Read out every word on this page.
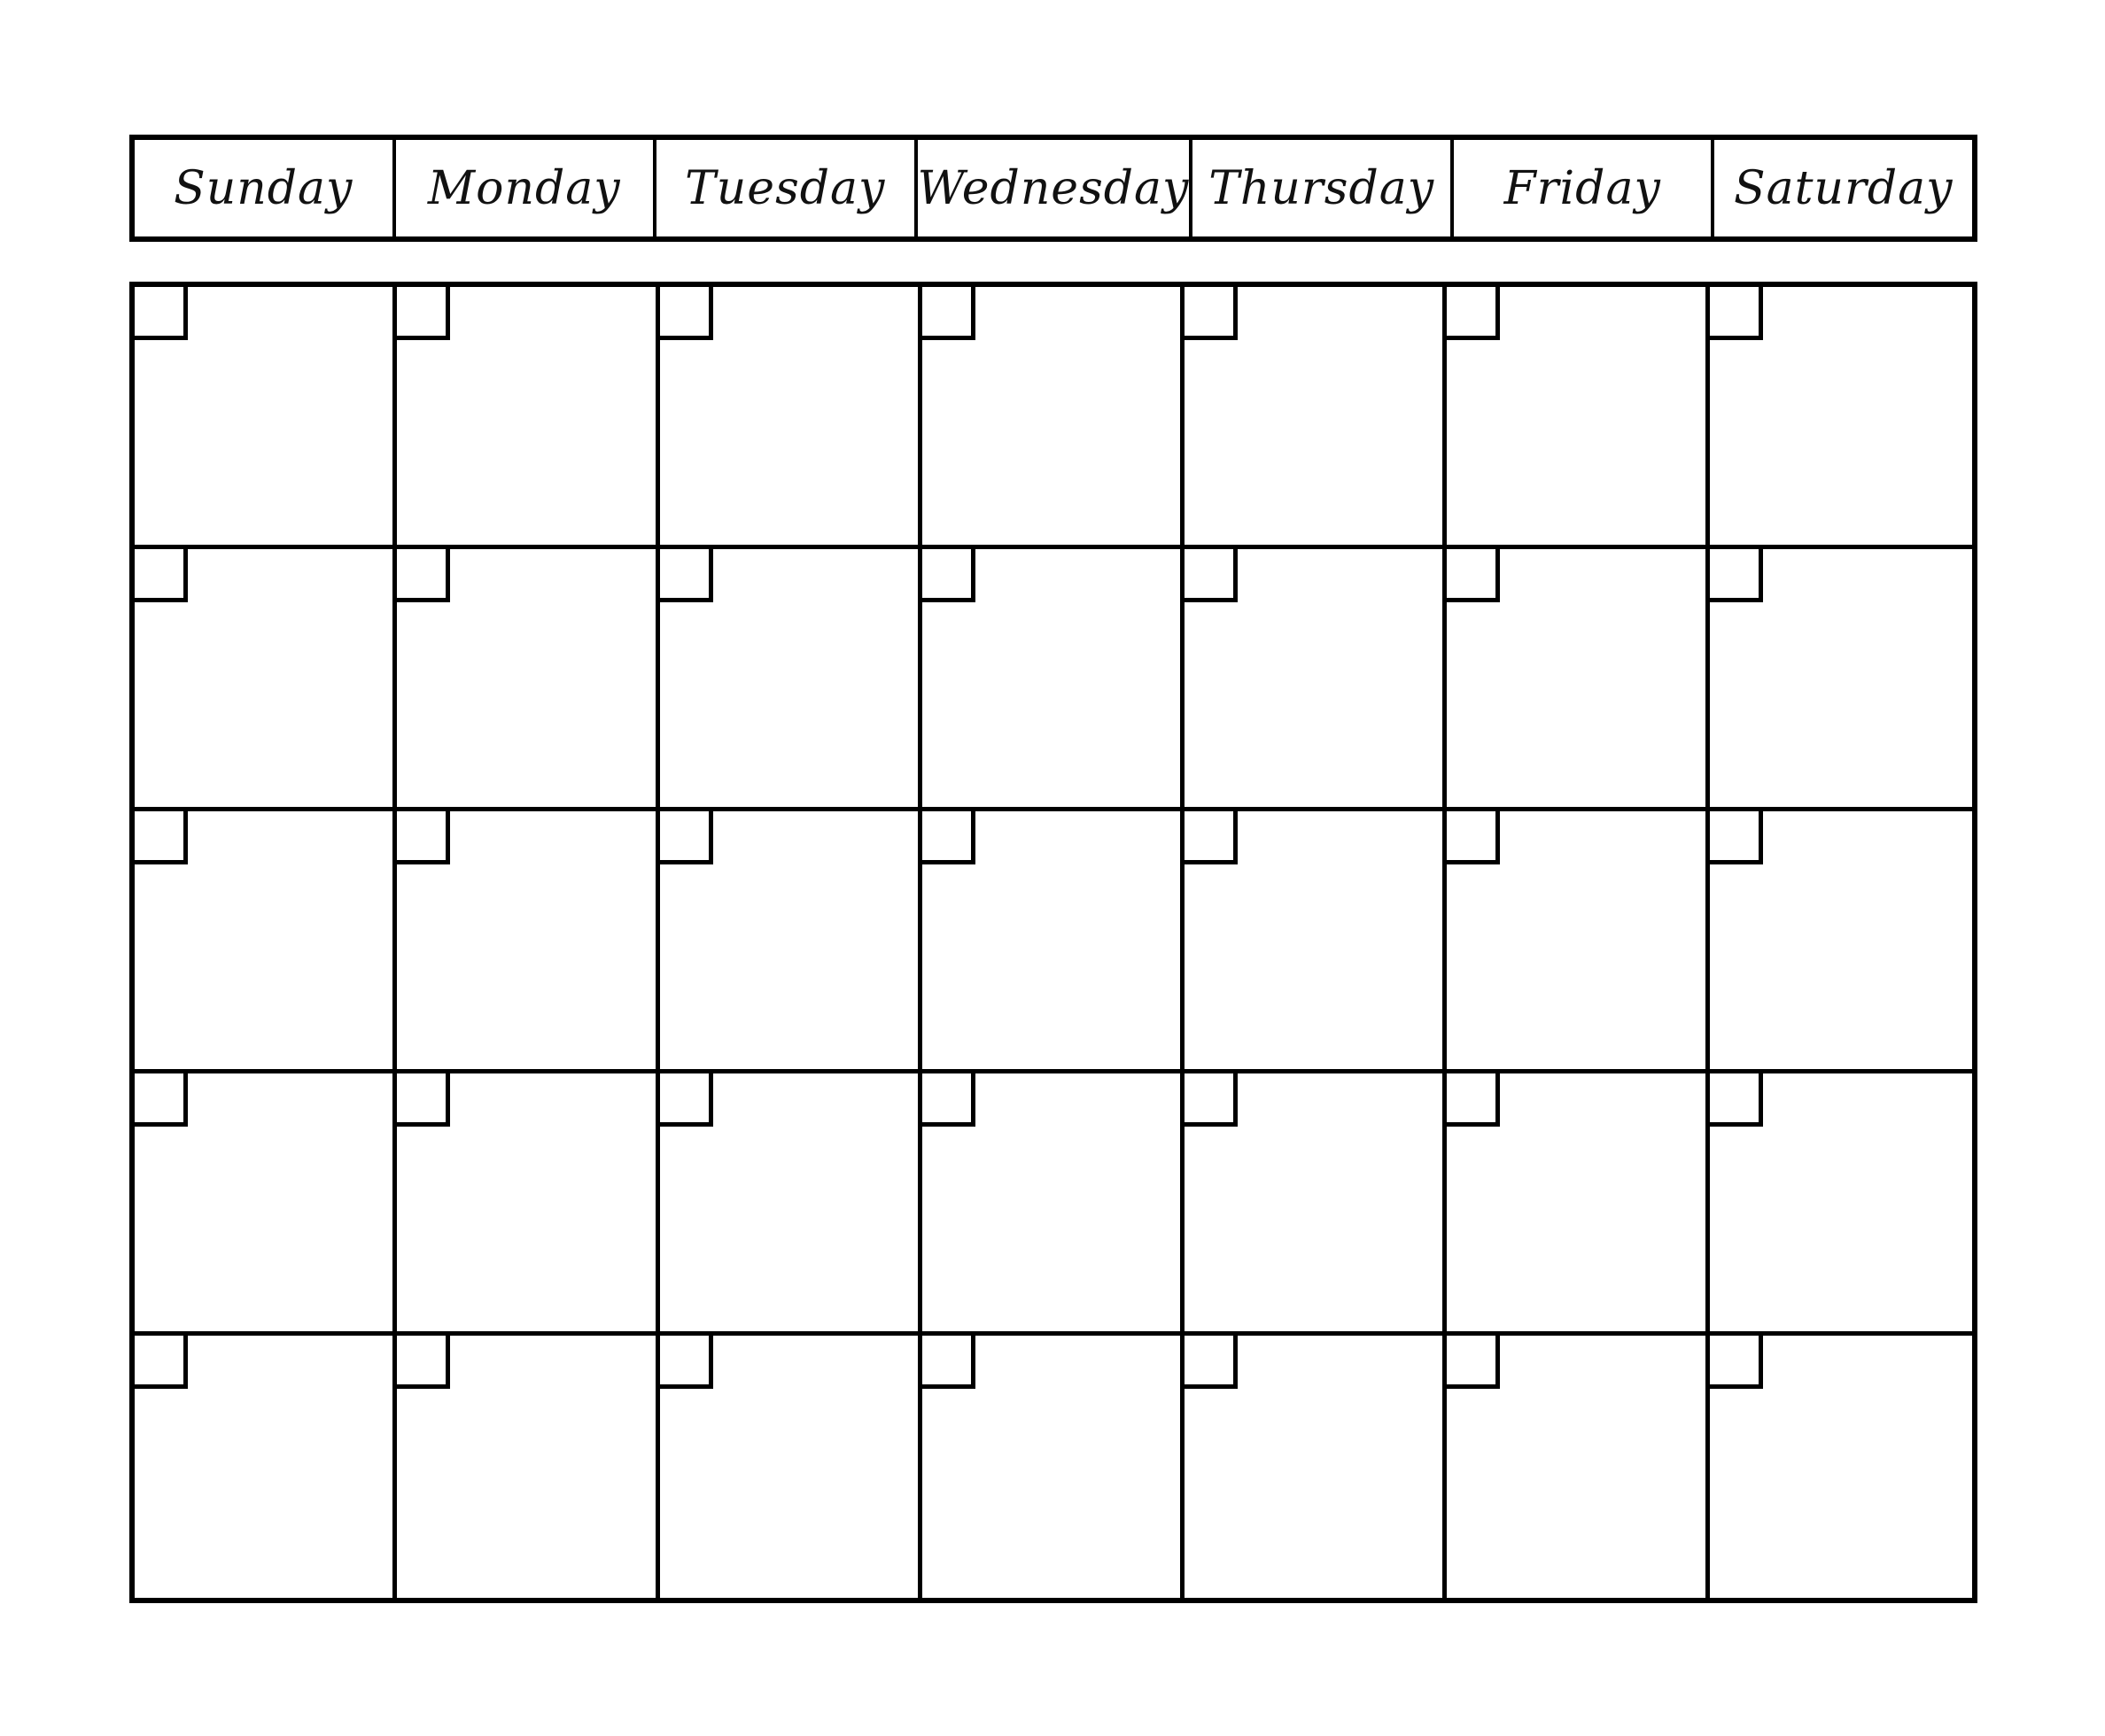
Sunday	Monday	Tuesday Wednesday Thursday	Friday	Saturday
